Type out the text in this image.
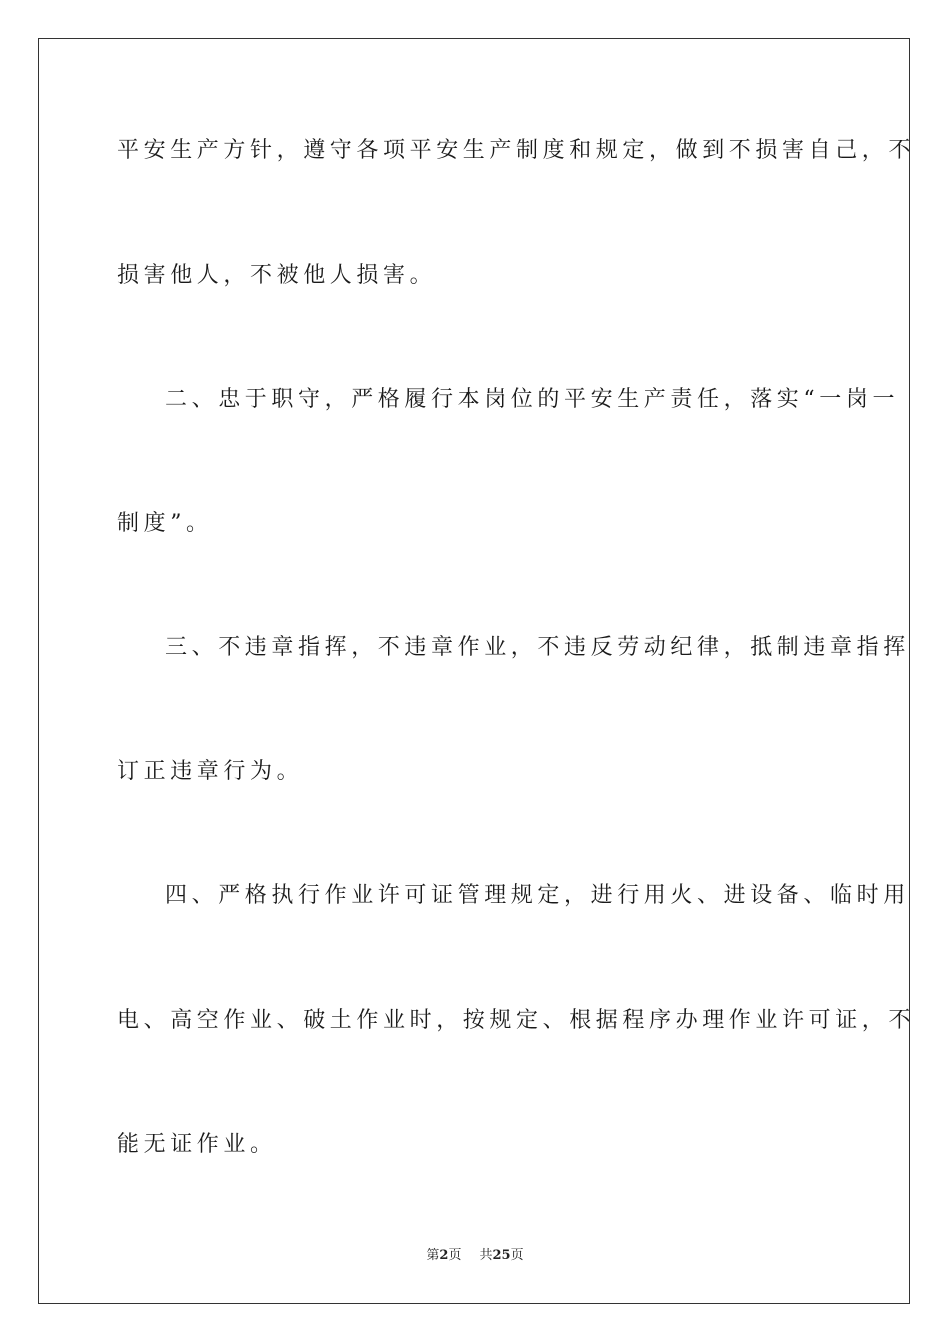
平安生产方针，遵守各项平安生产制度和规定，做到不损害自己，不
损害他人，不被他人损害。
二、忠于职守，严格履行本岗位的平安生产责任，落实“一岗一
制度”。
三、不违章指挥，不违章作业，不违反劳动纪律，抵制违章指挥
订正违章行为。
四、严格执行作业许可证管理规定，进行用火、进设备、临时用
电、高空作业、破土作业时，按规定、根据程序办理作业许可证，不
能无证作业。
第2页 共25页
